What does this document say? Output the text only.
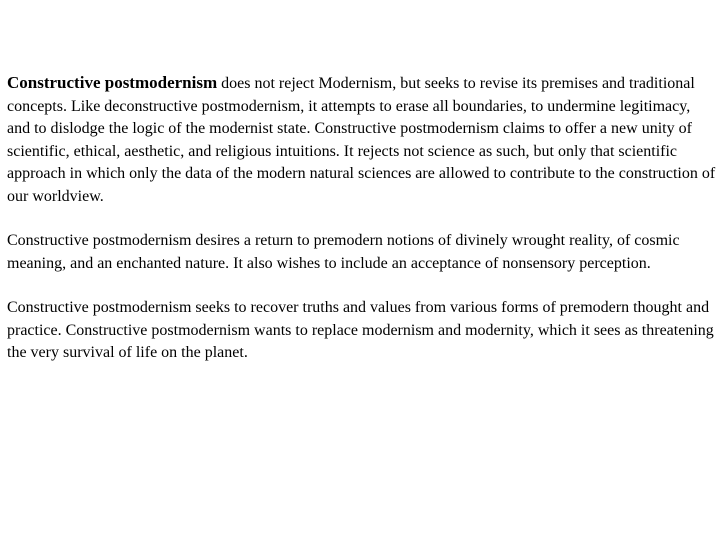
Constructive postmodernism does not reject Modernism, but seeks to revise its premises and traditional concepts. Like deconstructive postmodernism, it attempts to erase all boundaries, to undermine legitimacy, and to dislodge the logic of the modernist state. Constructive postmodernism claims to offer a new unity of scientific, ethical, aesthetic, and religious intuitions. It rejects not science as such, but only that scientific approach in which only the data of the modern natural sciences are allowed to contribute to the construction of our worldview.

Constructive postmodernism desires a return to premodern notions of divinely wrought reality, of cosmic meaning, and an enchanted nature. It also wishes to include an acceptance of nonsensory perception.

Constructive postmodernism seeks to recover truths and values from various forms of premodern thought and practice. Constructive postmodernism wants to replace modernism and modernity, which it sees as threatening the very survival of life on the planet.
